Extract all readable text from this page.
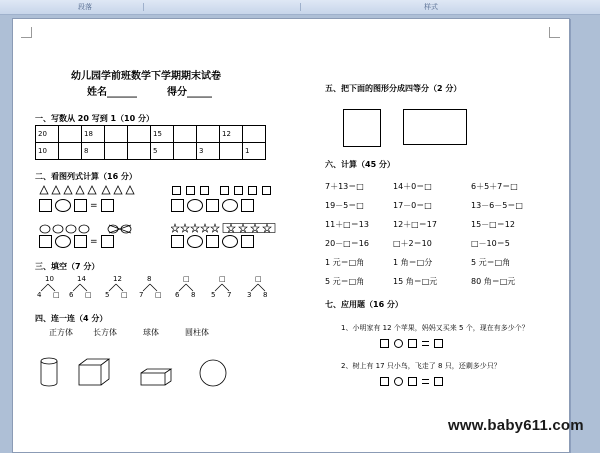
段落	样式
幼儿园学前班数学下学期期末试卷
姓名______	得分_____
一、写数从 20 写到 1（10 分）
20		18			15			12	
10		8			5		3		1
二、看图列式计算（16 分）
=
=

三、填空（7 分）
四、连一连（4 分）
正方体	长方体	球体	圆柱体
五、把下面的图形分成四等分（2 分）
六、计算（45 分）
七、应用题（16 分）
1、小明家有 12 个苹果，妈妈又买来 5 个，现在有多少个？
2、树上有 17 只小鸟，飞走了 8 只，还剩多少只？
10
4 □
14
6 □
12
5 □
8
7 □
□
6 8
□
5 7
□
3 8
7＋13＝□	14＋0＝□	6＋5＋7＝□
19－5＝□	17－0＝□	13－6－5＝□
11＋□＝13	12＋□＝17	15－□＝12
20－□＝16	□＋2＝10	□－10＝5
1 元＝□角	1 角＝□分	5 元＝□角
5 元＝□角	15 角＝□元	80 角＝□元
www.baby611.com
